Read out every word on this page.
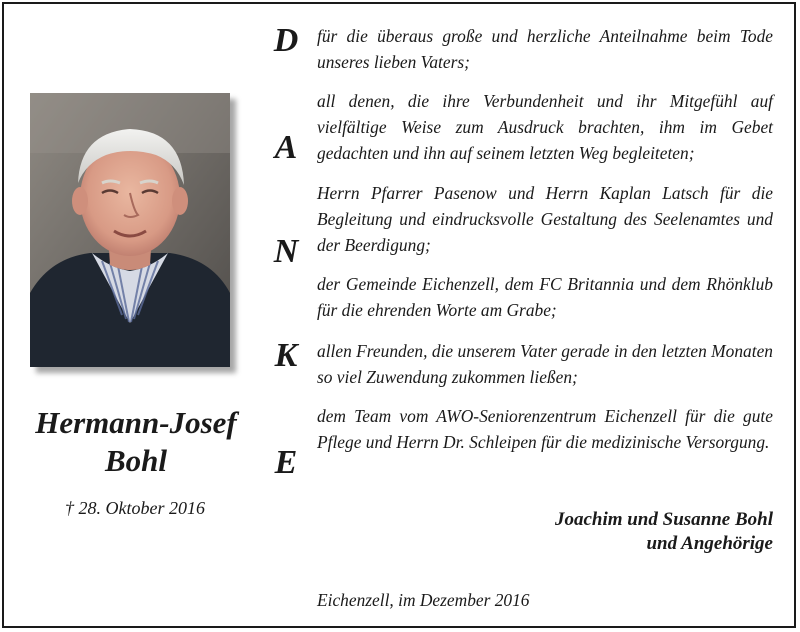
Hermann-Josef
Bohl
† 28. Oktober 2016
D
A
N
K
E

für die überaus große und herzliche Anteilnahme beim Tode unseres lieben Vaters;

all denen, die ihre Verbundenheit und ihr Mitgefühl auf vielfältige Weise zum Ausdruck brachten, ihm im Gebet gedachten und ihn auf seinem letzten Weg begleiteten;

Herrn Pfarrer Pasenow und Herrn Kaplan Latsch für die Begleitung und eindrucksvolle Gestaltung des Seelenamtes und der Beerdigung;

der Gemeinde Eichenzell, dem FC Britannia und dem Rhönklub für die ehrenden Worte am Grabe;

allen Freunden, die unserem Vater gerade in den letzten Monaten so viel Zuwendung zukommen ließen;

dem Team vom AWO-Seniorenzentrum Eichenzell für die gute Pflege und Herrn Dr. Schleipen für die medizinische Versorgung.

Joachim und Susanne Bohl
und Angehörige
Eichenzell, im Dezember 2016
